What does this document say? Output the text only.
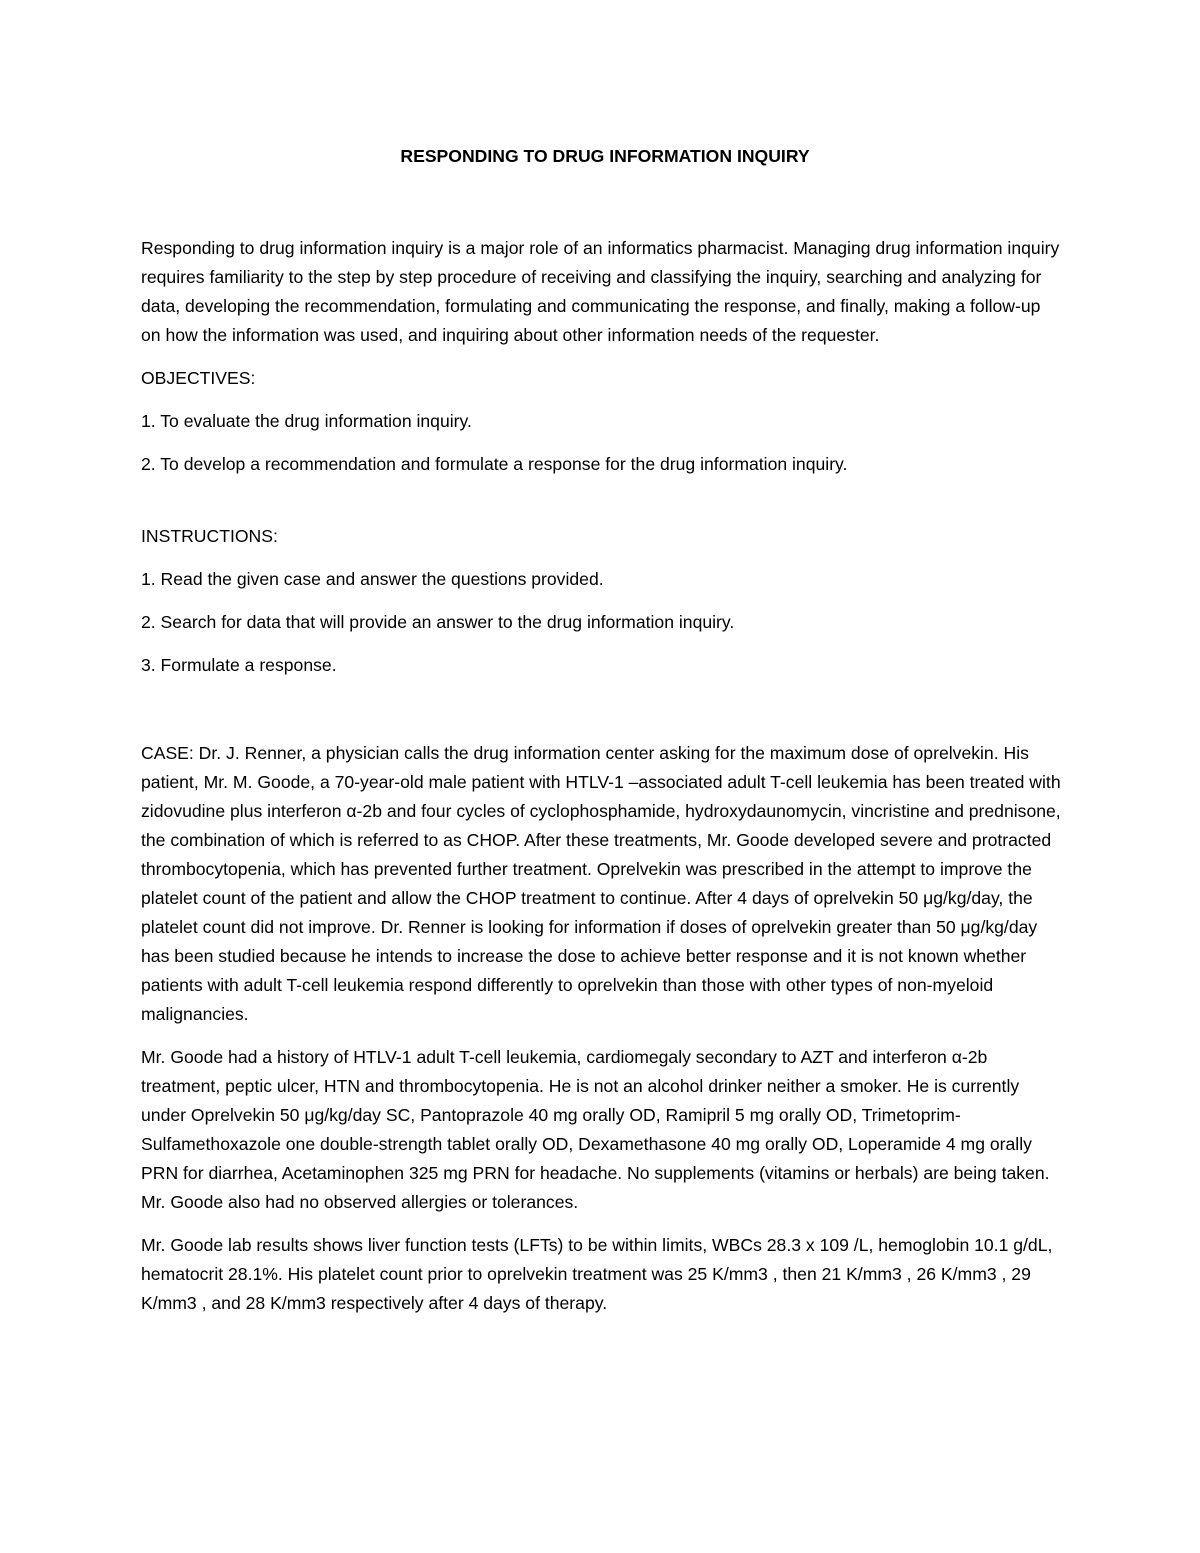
RESPONDING TO DRUG INFORMATION INQUIRY

Responding to drug information inquiry is a major role of an informatics pharmacist. Managing drug information inquiry requires familiarity to the step by step procedure of receiving and classifying the inquiry, searching and analyzing for data, developing the recommendation, formulating and communicating the response, and finally, making a follow-up on how the information was used, and inquiring about other information needs of the requester.

OBJECTIVES:

1. To evaluate the drug information inquiry.

2. To develop a recommendation and formulate a response for the drug information inquiry.

INSTRUCTIONS:

1. Read the given case and answer the questions provided.

2. Search for data that will provide an answer to the drug information inquiry.

3. Formulate a response.

CASE: Dr. J. Renner, a physician calls the drug information center asking for the maximum dose of oprelvekin. His patient, Mr. M. Goode, a 70-year-old male patient with HTLV-1 –associated adult T-cell leukemia has been treated with zidovudine plus interferon α-2b and four cycles of cyclophosphamide, hydroxydaunomycin, vincristine and prednisone, the combination of which is referred to as CHOP. After these treatments, Mr. Goode developed severe and protracted thrombocytopenia, which has prevented further treatment. Oprelvekin was prescribed in the attempt to improve the platelet count of the patient and allow the CHOP treatment to continue. After 4 days of oprelvekin 50 μg/kg/day, the platelet count did not improve. Dr. Renner is looking for information if doses of oprelvekin greater than 50 μg/kg/day has been studied because he intends to increase the dose to achieve better response and it is not known whether patients with adult T-cell leukemia respond differently to oprelvekin than those with other types of non-myeloid malignancies.

Mr. Goode had a history of HTLV-1 adult T-cell leukemia, cardiomegaly secondary to AZT and interferon α-2b treatment, peptic ulcer, HTN and thrombocytopenia. He is not an alcohol drinker neither a smoker. He is currently under Oprelvekin 50 μg/kg/day SC, Pantoprazole 40 mg orally OD, Ramipril 5 mg orally OD, Trimetoprim-Sulfamethoxazole one double-strength tablet orally OD, Dexamethasone 40 mg orally OD, Loperamide 4 mg orally PRN for diarrhea, Acetaminophen 325 mg PRN for headache. No supplements (vitamins or herbals) are being taken. Mr. Goode also had no observed allergies or tolerances.

Mr. Goode lab results shows liver function tests (LFTs) to be within limits, WBCs 28.3 x 109 /L, hemoglobin 10.1 g/dL, hematocrit 28.1%. His platelet count prior to oprelvekin treatment was 25 K/mm3 , then 21 K/mm3 , 26 K/mm3 , 29 K/mm3 , and 28 K/mm3 respectively after 4 days of therapy.
